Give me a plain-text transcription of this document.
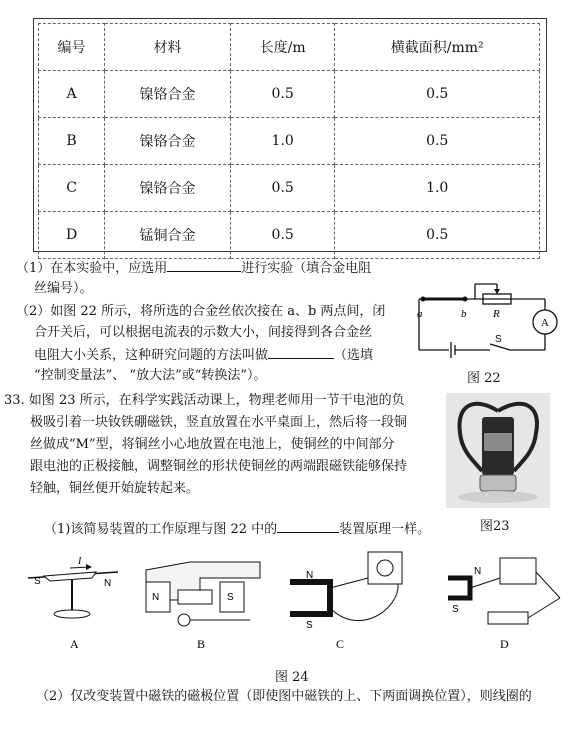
编号	材料	长度/m	横截面积/mm²
A	镍铬合金	0.5	0.5
B	镍铬合金	1.0	0.5
C	镍铬合金	0.5	1.0
D	锰铜合金	0.5	0.5
（1）在本实验中，应选用	进行实验（填合金电阻
丝编号）。
（2）如图 22 所示，将所选的合金丝依次接在 a、b 两点间，闭
合开关后，可以根据电流表的示数大小，间接得到各合金丝
电阻大小关系，这种研究问题的方法叫做	（选填
“控制变量法”、 “放大法”或“转换法”）。
a	b R
A
S
图 22
33. 如图 23 所示，在科学实践活动课上，物理老师用一节干电池的负
极吸引着一块钕铁硼磁铁，竖直放置在水平桌面上，然后将一段铜
丝做成“M”型，将铜丝小心地放置在电池上，使铜丝的中间部分
跟电池的正极接触，调整铜丝的形状使铜丝的两端跟磁铁能够保持
轻触，铜丝便开始旋转起来。
（1)该简易装置的工作原理与图 22 中的	装置原理一样。	图23
S	N
I
N	S
N
S
N
S
A	B	C	D
图 24
（2）仅改变装置中磁铁的磁极位置（即使图中磁铁的上、下两面调换位置），则线圈的
